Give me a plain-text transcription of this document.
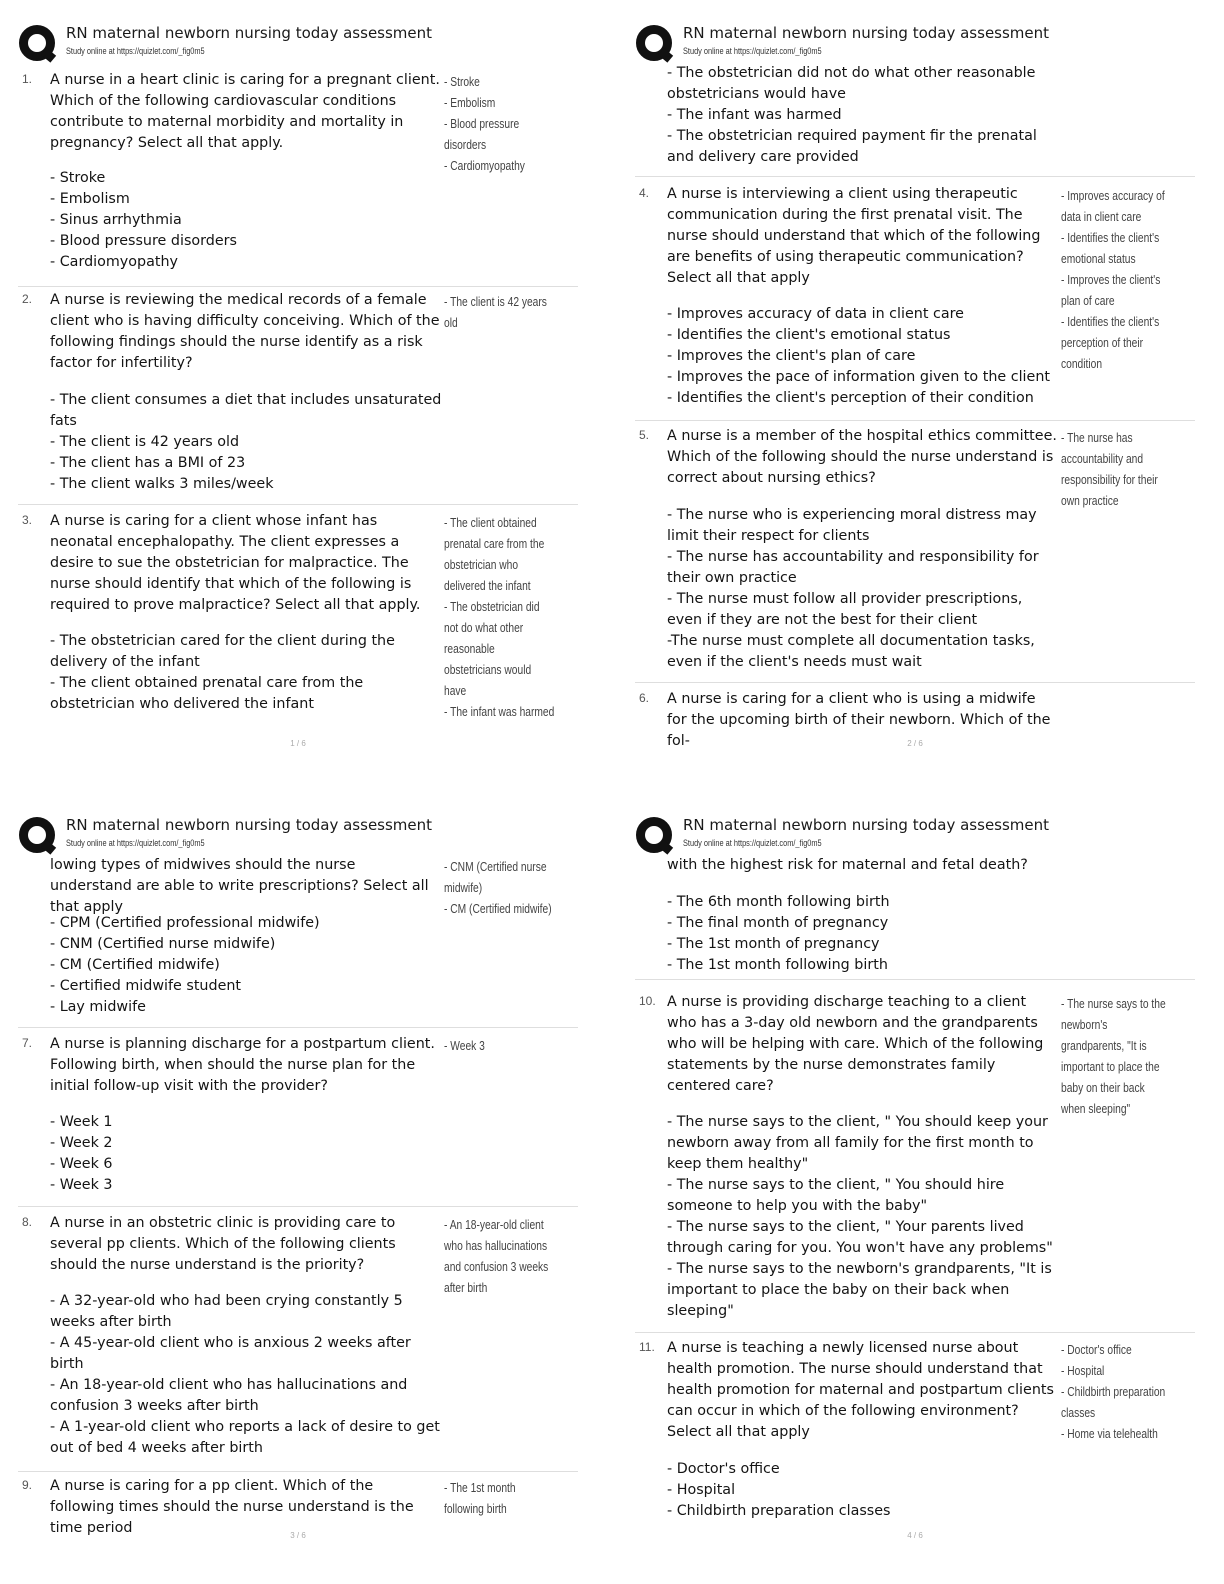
RN maternal newborn nursing today assessment
Study online at https://quizlet.com/_fig0m5
1. A nurse in a heart clinic is caring for a pregnant client. Which of the following cardiovascular conditions contribute to maternal morbidity and mortality in pregnancy? Select all that apply.
- Stroke
- Embolism
- Sinus arrhythmia
- Blood pressure disorders
- Cardiomyopathy
- Stroke
- Embolism
- Blood pressure disorders
- Cardiomyopathy
2. A nurse is reviewing the medical records of a female client who is having difficulty conceiving. Which of the following findings should the nurse identify as a risk factor for infertility?
- The client consumes a diet that includes unsaturated fats
- The client is 42 years old
- The client has a BMI of 23
- The client walks 3 miles/week
- The client is 42 years old
3. A nurse is caring for a client whose infant has neonatal encephalopathy. The client expresses a desire to sue the obstetrician for malpractice. The nurse should identify that which of the following is required to prove malpractice? Select all that apply.
- The obstetrician cared for the client during the delivery of the infant
- The client obtained prenatal care from the obstetrician who delivered the infant
- The client obtained prenatal care from the obstetrician who delivered the infant
- The obstetrician did not do what other reasonable obstetricians would have
- The infant was harmed
1 / 6
RN maternal newborn nursing today assessment
Study online at https://quizlet.com/_fig0m5
- The obstetrician did not do what other reasonable obstetricians would have
- The infant was harmed
- The obstetrician required payment fir the prenatal and delivery care provided
4. A nurse is interviewing a client using therapeutic communication during the first prenatal visit. The nurse should understand that which of the following are benefits of using therapeutic communication? Select all that apply
- Improves accuracy of data in client care
- Identifies the client's emotional status
- Improves the client's plan of care
- Improves the pace of information given to the client
- Identifies the client's perception of their condition
- Improves accuracy of data in client care
- Identifies the client's emotional status
- Improves the client's plan of care
- Identifies the client's perception of their condition
5. A nurse is a member of the hospital ethics committee. Which of the following should the nurse understand is correct about nursing ethics?
- The nurse who is experiencing moral distress may limit their respect for clients
- The nurse has accountability and responsibility for their own practice
- The nurse must follow all provider prescriptions, even if they are not the best for their client
-The nurse must complete all documentation tasks, even if the client's needs must wait
- The nurse has accountability and responsibility for their own practice
6. A nurse is caring for a client who is using a midwife for the upcoming birth of their newborn. Which of the fol-	2 / 6
RN maternal newborn nursing today assessment
Study online at https://quizlet.com/_fig0m5
lowing types of midwives should the nurse understand are able to write prescriptions? Select all that apply
- CPM (Certified professional midwife)
- CNM (Certified nurse midwife)
- CM (Certified midwife)
- Certified midwife student
- Lay midwife
- CNM (Certified nurse midwife)
- CM (Certified midwife)
7. A nurse is planning discharge for a postpartum client. Following birth, when should the nurse plan for the initial follow-up visit with the provider?
- Week 1
- Week 2
- Week 6
- Week 3
- Week 3
8. A nurse in an obstetric clinic is providing care to several pp clients. Which of the following clients should the nurse understand is the priority?
- A 32-year-old who had been crying constantly 5 weeks after birth
- A 45-year-old client who is anxious 2 weeks after birth
- An 18-year-old client who has hallucinations and confusion 3 weeks after birth
- A 1-year-old client who reports a lack of desire to get out of bed 4 weeks after birth
- An 18-year-old client who has hallucinations and confusion 3 weeks after birth
9. A nurse is caring for a pp client. Which of the following times should the nurse understand is the time period
- The 1st month following birth
3 / 6
RN maternal newborn nursing today assessment
Study online at https://quizlet.com/_fig0m5
with the highest risk for maternal and fetal death?
- The 6th month following birth
- The final month of pregnancy
- The 1st month of pregnancy
- The 1st month following birth
10. A nurse is providing discharge teaching to a client who has a 3-day old newborn and the grandparents who will be helping with care. Which of the following statements by the nurse demonstrates family centered care?
- The nurse says to the client, " You should keep your newborn away from all family for the first month to keep them healthy"
- The nurse says to the client, " You should hire someone to help you with the baby"
- The nurse says to the client, " Your parents lived through caring for you. You won't have any problems"
- The nurse says to the newborn's grandparents, "It is important to place the baby on their back when sleeping"
- The nurse says to the newborn's grandparents, "It is important to place the baby on their back when sleeping"
11. A nurse is teaching a newly licensed nurse about health promotion. The nurse should understand that health promotion for maternal and postpartum clients can occur in which of the following environment? Select all that apply
- Doctor's office
- Hospital
- Childbirth preparation classes
- Doctor's office
- Hospital
- Childbirth preparation classes
- Home via telehealth
4 / 6
